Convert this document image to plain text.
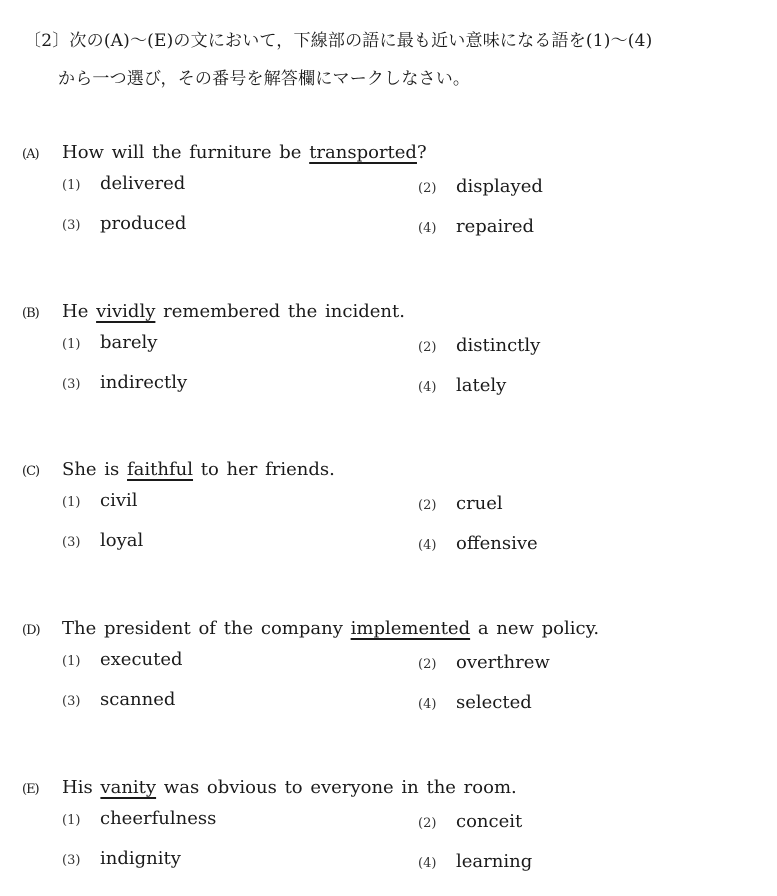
〔2〕次の(A)～(E)の文において，下線部の語に最も近い意味になる語を(1)～(4)
から一つ選び，その番号を解答欄にマークしなさい。
(A)	How will the furniture be transported?
(1)	delivered	(2)	displayed
(3)	produced	(4)	repaired
(B)	He vividly remembered the incident.
(1)	barely	(2)	distinctly
(3)	indirectly	(4)	lately
(C)	She is faithful to her friends.
(1)	civil	(2)	cruel
(3)	loyal	(4)	offensive
(D)	The president of the company implemented a new policy.
(1)	executed	(2)	overthrew
(3)	scanned	(4)	selected
(E)	His vanity was obvious to everyone in the room.
(1)	cheerfulness	(2)	conceit
(3)	indignity	(4)	learning
